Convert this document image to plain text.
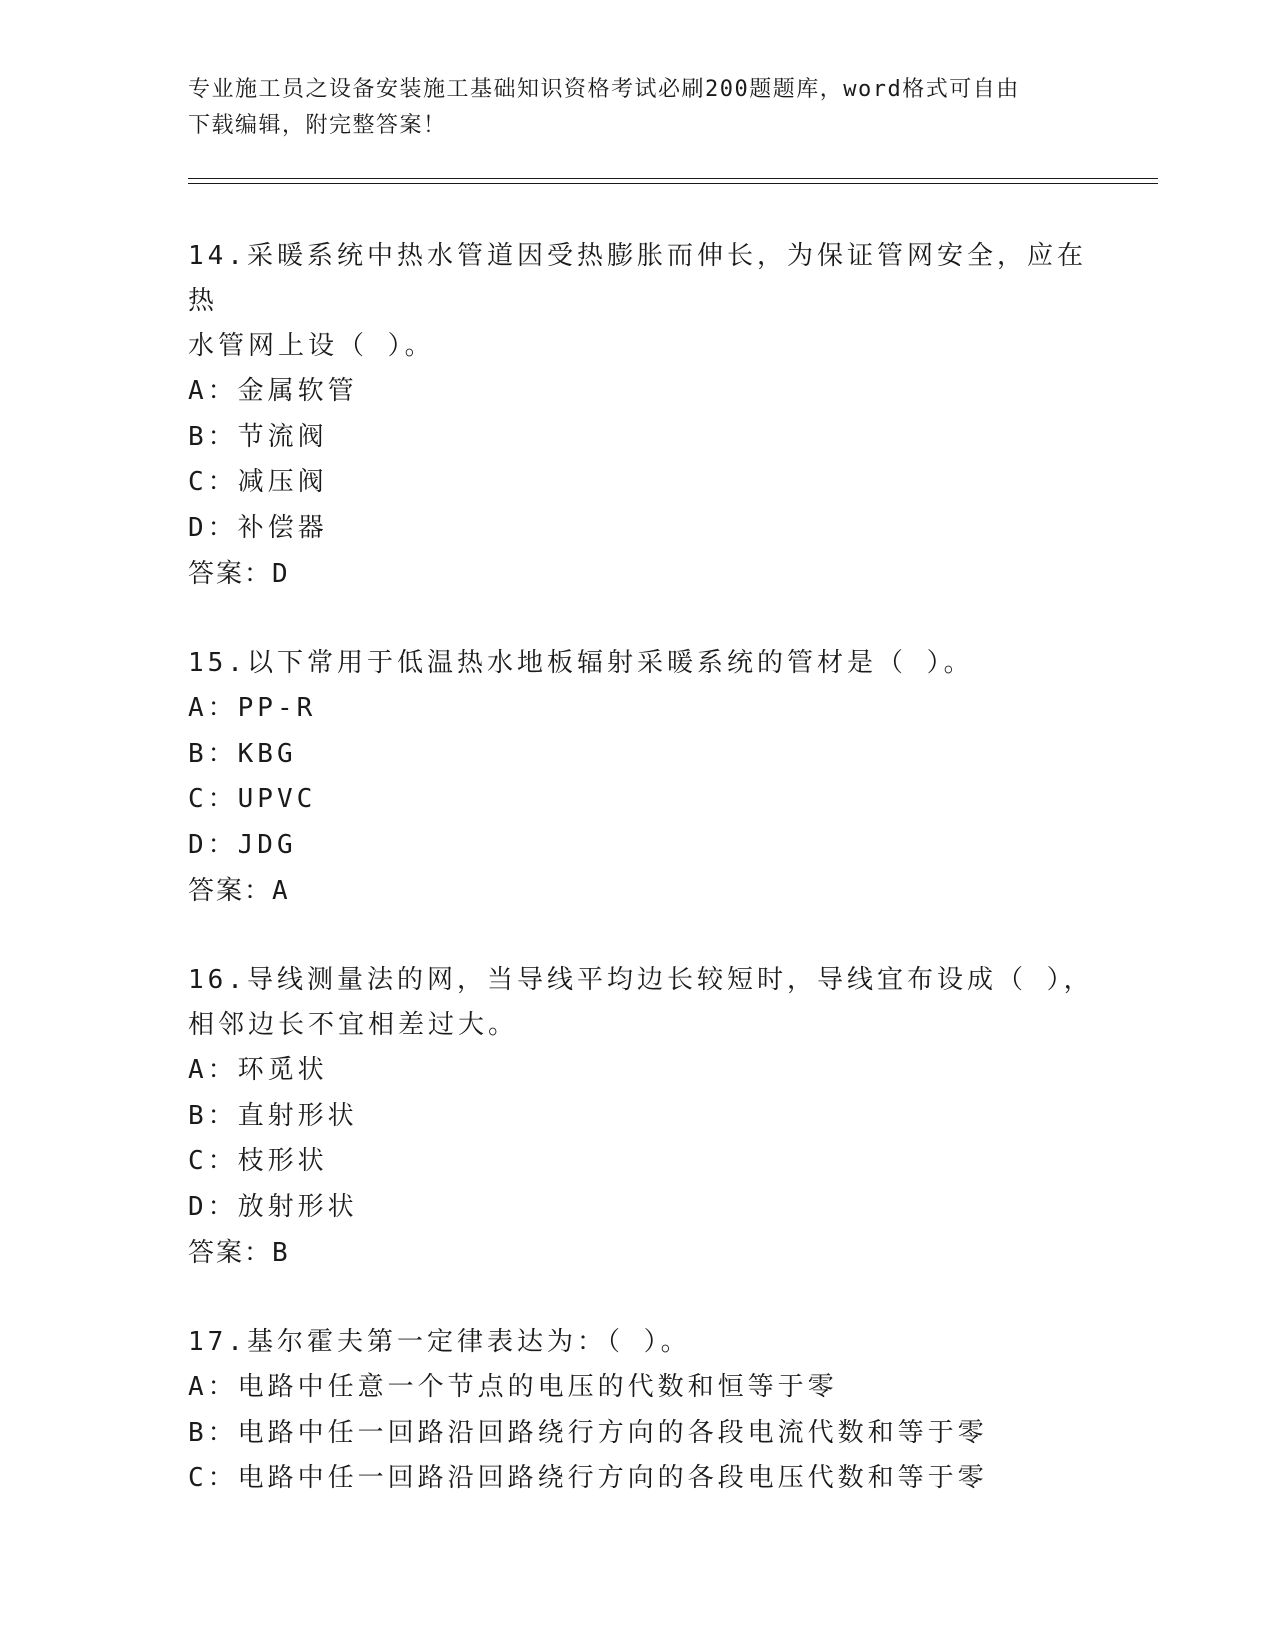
专业施工员之设备安装施工基础知识资格考试必刷200题题库，word格式可自由
下载编辑，附完整答案！

14.采暖系统中热水管道因受热膨胀而伸长，为保证管网安全，应在热

水管网上设（ ）。

A：金属软管

B：节流阀

C：减压阀

D：补偿器

答案：D

15.以下常用于低温热水地板辐射采暖系统的管材是（ ）。

A：PP-R

B：KBG

C：UPVC

D：JDG

答案：A

16.导线测量法的网，当导线平均边长较短时，导线宜布设成（ ），

相邻边长不宜相差过大。

A：环觅状

B：直射形状

C：枝形状

D：放射形状

答案：B

17.基尔霍夫第一定律表达为：（ ）。

A：电路中任意一个节点的电压的代数和恒等于零

B：电路中任一回路沿回路绕行方向的各段电流代数和等于零

C：电路中任一回路沿回路绕行方向的各段电压代数和等于零
